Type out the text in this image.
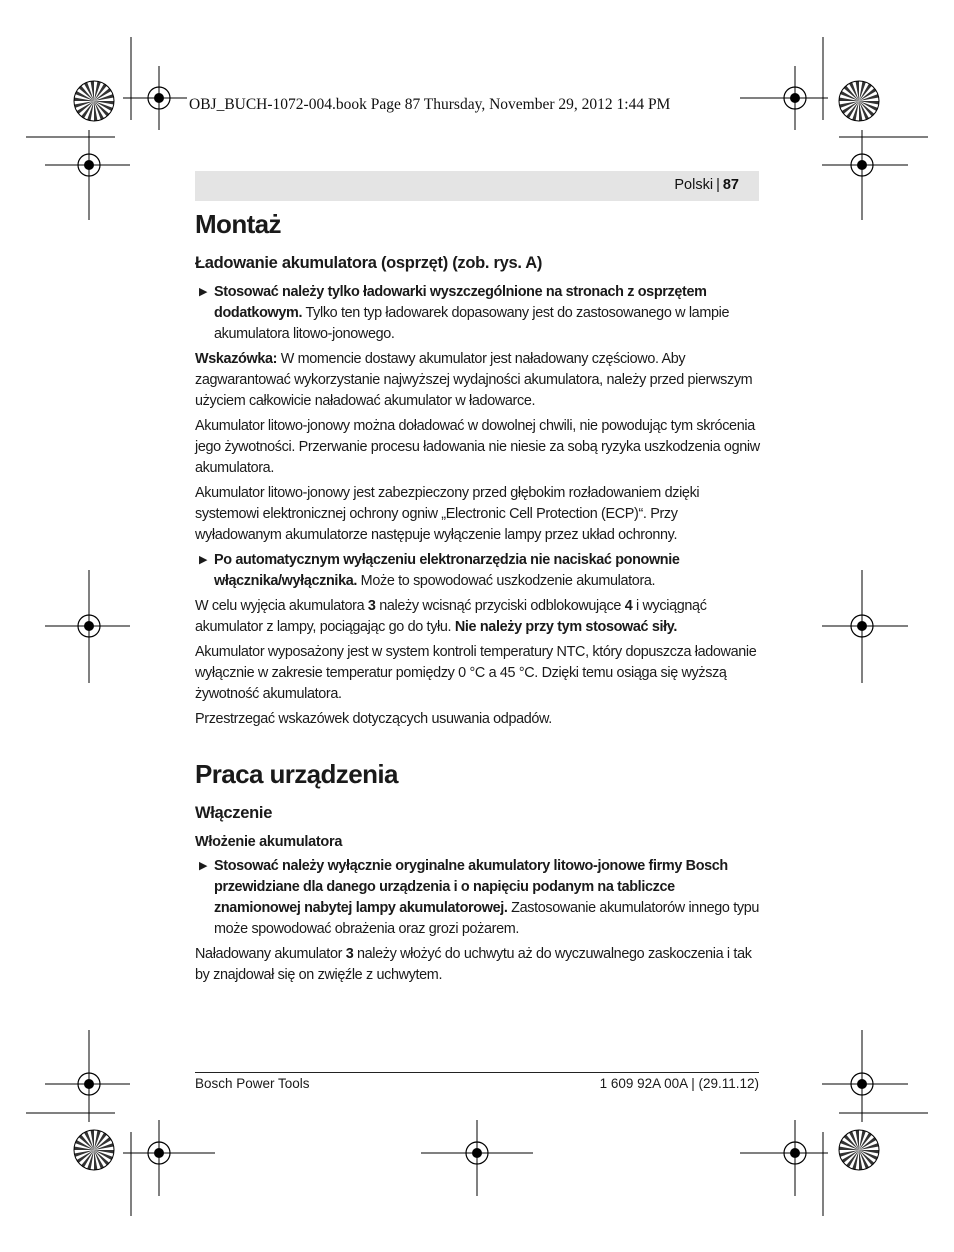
OBJ_BUCH-1072-004.book Page 87 Thursday, November 29, 2012 1:44 PM
Polski | 87
Montaż
Ładowanie akumulatora (osprzęt) (zob. rys. A)
▶ Stosować należy tylko ładowarki wyszczególnione na stronach z osprzętem dodatkowym. Tylko ten typ ładowarek dopasowany jest do zastosowanego w lampie akumulatora litowo-jonowego.

Wskazówka: W momencie dostawy akumulator jest naładowany częściowo. Aby zagwarantować wykorzystanie najwyższej wydajności akumulatora, należy przed pierwszym użyciem całkowicie naładować akumulator w ładowarce.

Akumulator litowo-jonowy można doładować w dowolnej chwili, nie powodując tym skrócenia jego żywotności. Przerwanie procesu ładowania nie niesie za sobą ryzyka uszkodzenia ogniw akumulatora.

Akumulator litowo-jonowy jest zabezpieczony przed głębokim rozładowaniem dzięki systemowi elektronicznej ochrony ogniw „Electronic Cell Protection (ECP)“. Przy wyładowanym akumulatorze następuje wyłączenie lampy przez układ ochronny.

▶ Po automatycznym wyłączeniu elektronarzędzia nie naciskać ponownie włącznika/wyłącznika. Może to spowodować uszkodzenie akumulatora.

W celu wyjęcia akumulatora 3 należy wcisnąć przyciski odblokowujące 4 i wyciągnąć akumulator z lampy, pociągając go do tyłu. Nie należy przy tym stosować siły.

Akumulator wyposażony jest w system kontroli temperatury NTC, który dopuszcza ładowanie wyłącznie w zakresie temperatur pomiędzy 0 °C a 45 °C. Dzięki temu osiąga się wyższą żywotność akumulatora.

Przestrzegać wskazówek dotyczących usuwania odpadów.

Praca urządzenia
Włączenie
Włożenie akumulatora
▶ Stosować należy wyłącznie oryginalne akumulatory litowo-jonowe firmy Bosch przewidziane dla danego urządzenia i o napięciu podanym na tabliczce znamionowej nabytej lampy akumulatorowej. Zastosowanie akumulatorów innego typu może spowodować obrażenia oraz grozi pożarem.

Naładowany akumulator 3 należy włożyć do uchwytu aż do wyczuwalnego zaskoczenia i tak by znajdował się on zwięźle z uchwytem.

Bosch Power Tools	1 609 92A 00A | (29.11.12)
